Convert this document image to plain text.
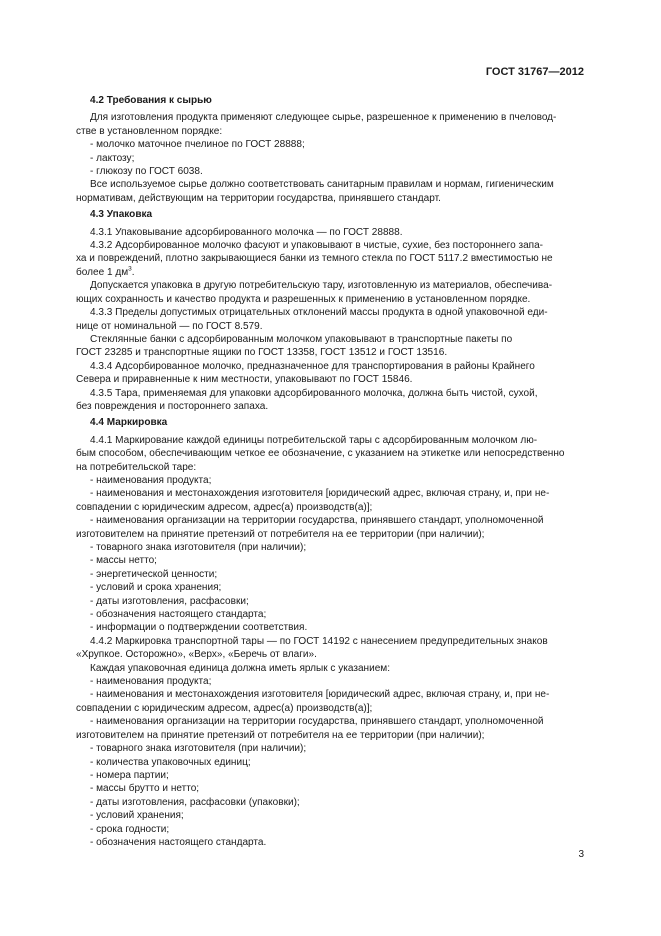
ГОСТ 31767—2012
4.2 Требования к сырью
Для изготовления продукта применяют следующее сырье, разрешенное к применению в пчеловод-
стве в установленном порядке:
- молочко маточное пчелиное по ГОСТ 28888;
- лактозу;
- глюкозу по ГОСТ 6038.
Все используемое сырье должно соответствовать санитарным правилам и нормам, гигиеническим
нормативам, действующим на территории государства, принявшего стандарт.
4.3 Упаковка
4.3.1 Упаковывание адсорбированного молочка — по ГОСТ 28888.
4.3.2 Адсорбированное молочко фасуют и упаковывают в чистые, сухие, без постороннего запа-
ха и повреждений, плотно закрывающиеся банки из темного стекла по ГОСТ 5117.2 вместимостью не
более 1 $дм^3$.
Допускается упаковка в другую потребительскую тару, изготовленную из материалов, обеспечива-
ющих сохранность и качество продукта и разрешенных к применению в установленном порядке.
4.3.3 Пределы допустимых отрицательных отклонений массы продукта в одной упаковочной еди-
нице от номинальной — по ГОСТ 8.579.
Стеклянные банки с адсорбированным молочком упаковывают в транспортные пакеты по
ГОСТ 23285 и транспортные ящики по ГОСТ 13358, ГОСТ 13512 и ГОСТ 13516.
4.3.4 Адсорбированное молочко, предназначенное для транспортирования в районы Крайнего
Севера и приравненные к ним местности, упаковывают по ГОСТ 15846.
4.3.5 Тара, применяемая для упаковки адсорбированного молочка, должна быть чистой, сухой,
без повреждения и постороннего запаха.
4.4 Маркировка
4.4.1 Маркирование каждой единицы потребительской тары с адсорбированным молочком лю-
бым способом, обеспечивающим четкое ее обозначение, с указанием на этикетке или непосредственно
на потребительской таре:
- наименования продукта;
- наименования и местонахождения изготовителя [юридический адрес, включая страну, и, при не-
совпадении с юридическим адресом, адрес(а) производств(а)];
- наименования организации на территории государства, принявшего стандарт, уполномоченной
изготовителем на принятие претензий от потребителя на ее территории (при наличии);
- товарного знака изготовителя (при наличии);
- массы нетто;
- энергетической ценности;
- условий и срока хранения;
- даты изготовления, расфасовки;
- обозначения настоящего стандарта;
- информации о подтверждении соответствия.
4.4.2 Маркировка транспортной тары — по ГОСТ 14192 с нанесением предупредительных знаков
«Хрупкое. Осторожно», «Верх», «Беречь от влаги».
Каждая упаковочная единица должна иметь ярлык с указанием:
- наименования продукта;
- наименования и местонахождения изготовителя [юридический адрес, включая страну, и, при не-
совпадении с юридическим адресом, адрес(а) производств(а)];
- наименования организации на территории государства, принявшего стандарт, уполномоченной
изготовителем на принятие претензий от потребителя на ее территории (при наличии);
- товарного знака изготовителя (при наличии);
- количества упаковочных единиц;
- номера партии;
- массы брутто и нетто;
- даты изготовления, расфасовки (упаковки);
- условий хранения;
- срока годности;
- обозначения настоящего стандарта.
3
